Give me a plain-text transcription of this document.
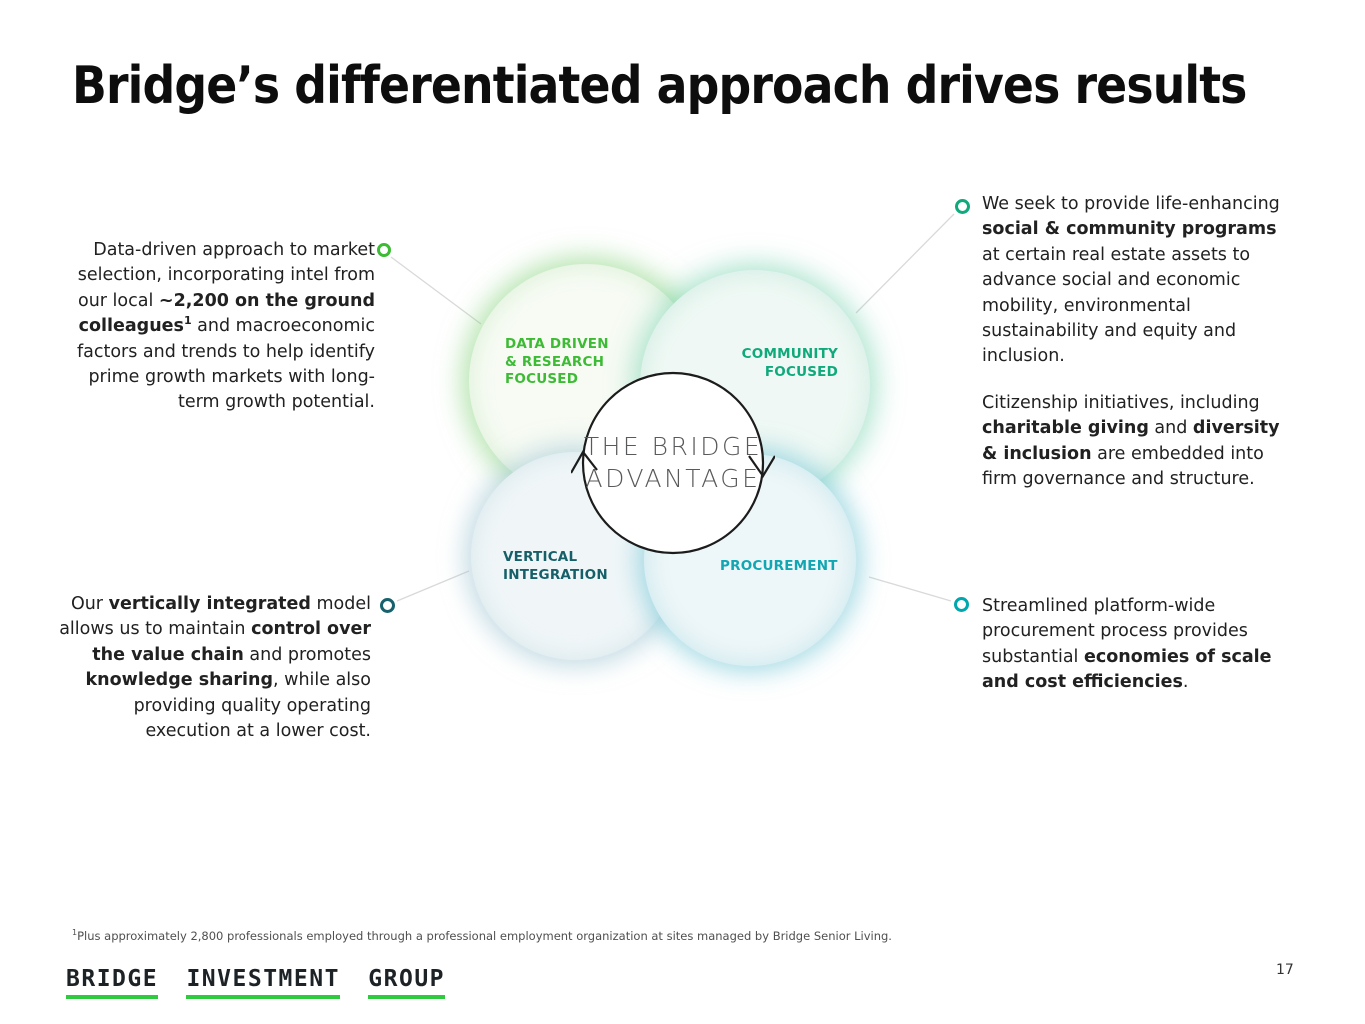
Bridge’s differentiated approach drives results

Data-driven approach to market selection, incorporating intel from our local ~2,200 on the ground colleagues$^1$ and macroeconomic factors and trends to help identify prime growth markets with long-term growth potential.

Our vertically integrated model allows us to maintain control over the value chain and promotes knowledge sharing, while also providing quality operating execution at a lower cost.

We seek to provide life-enhancing social & community programs at certain real estate assets to advance social and economic mobility, environmental sustainability and equity and inclusion.

Citizenship initiatives, including charitable giving and diversity & inclusion are embedded into firm governance and structure.

Streamlined platform-wide procurement process provides substantial economies of scale and cost efficiencies.

DATA DRIVEN
& RESEARCH
FOCUSED
COMMUNITY
FOCUSED
VERTICAL
INTEGRATION
PROCUREMENT
THE BRIDGE
ADVANTAGE
$^1$Plus approximately 2,800 professionals employed through a professional employment organization at sites managed by Bridge Senior Living.
BRIDGE INVESTMENT GROUP	17
